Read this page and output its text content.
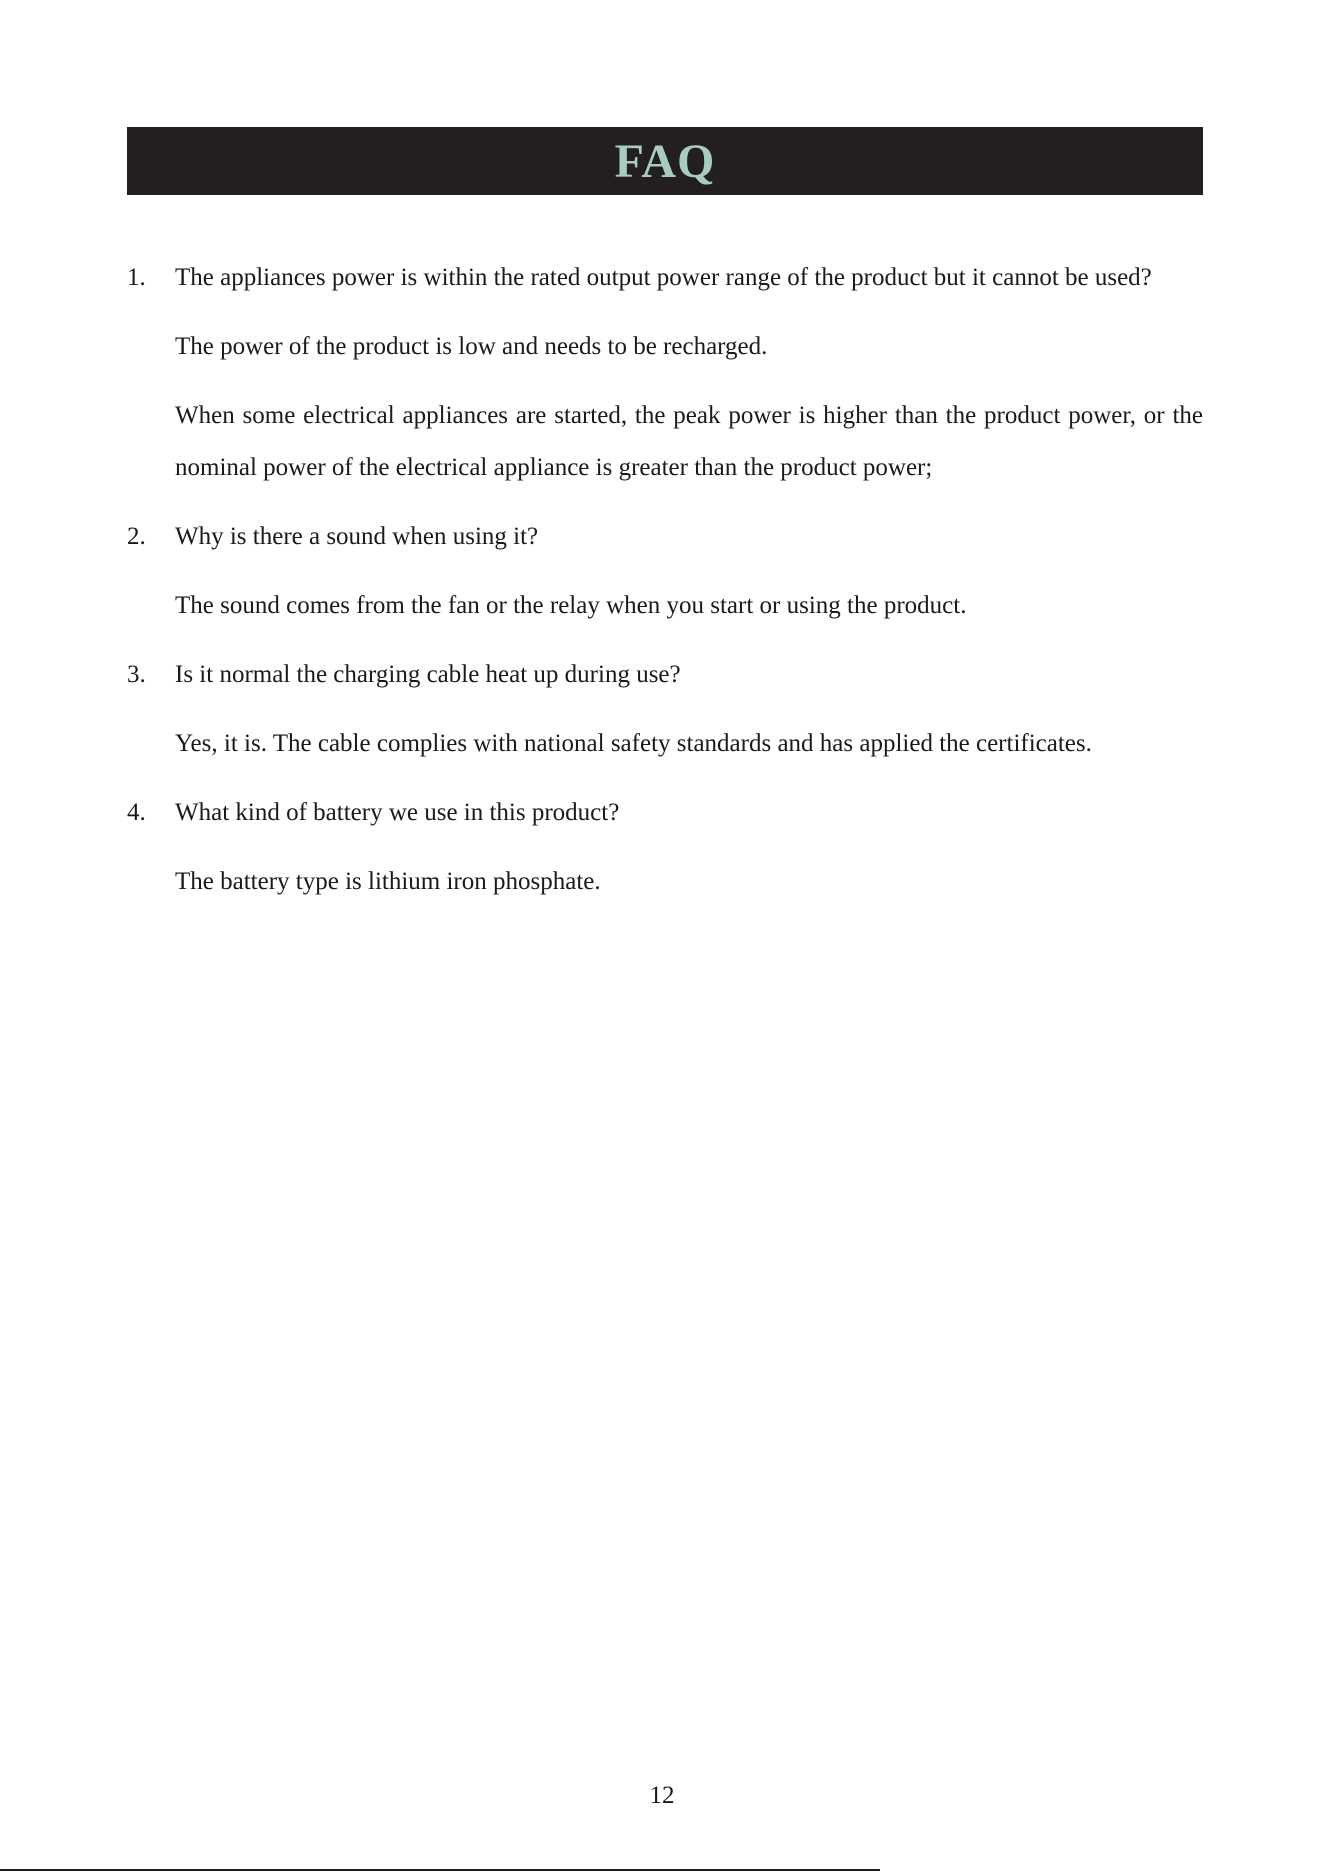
FAQ
1. The appliances power is within the rated output power range of the product but it cannot be used?

The power of the product is low and needs to be recharged.

When some electrical appliances are started, the peak power is higher than the product power, or the nominal power of the electrical appliance is greater than the product power;

2. Why is there a sound when using it?

The sound comes from the fan or the relay when you start or using the product.

3. Is it normal the charging cable heat up during use?

Yes, it is. The cable complies with national safety standards and has applied the certificates.

4. What kind of battery we use in this product?

The battery type is lithium iron phosphate.

12
